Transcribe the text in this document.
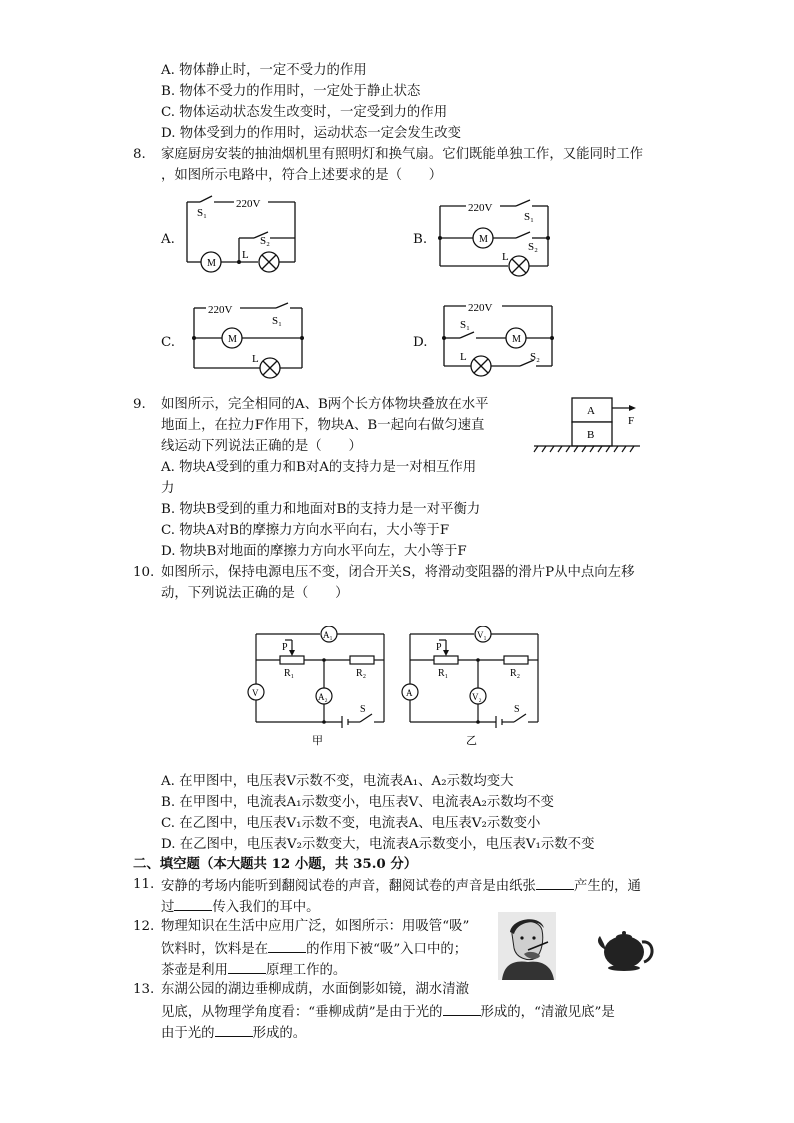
A. 物体静止时，一定不受力的作用
B. 物体不受力的作用时，一定处于静止状态
C. 物体运动状态发生改变时，一定受到力的作用
D. 物体受到力的作用时，运动状态一定会发生改变
8. 家庭厨房安装的抽油烟机里有照明灯和换气扇。它们既能单独工作，又能同时工作
，如图所示电路中，符合上述要求的是（　　）
A.	B.
C.	D.
S₁
220V
M
S₂
L
220V
S₁
M
S₂
L
220V
S₁
M
L
220V
S₁
M
L	S₂
9. 如图所示，完全相同的A、B两个长方体物块叠放在水平
地面上，在拉力F作用下，物块A、B一起向右做匀速直
线运动下列说法正确的是（　　）
A. 物块A受到的重力和B对A的支持力是一对相互作用
力
B. 物块B受到的重力和地面对B的支持力是一对平衡力
C. 物块A对B的摩擦力方向水平向右，大小等于F
D. 物块B对地面的摩擦力方向水平向左，大小等于F
A
B
F
10. 如图所示，保持电源电压不变，闭合开关S，将滑动变阻器的滑片P从中点向左移
动，下列说法正确的是（　　）
P
R₁	R₂
A₁
A₂
V
S
甲
P
R₁	R₂
V₁
V₂
A
S
乙
A. 在甲图中，电压表V示数不变，电流表A₁、A₂示数均变大
B. 在甲图中，电流表A₁示数变小，电压表V、电流表A₂示数均不变
C. 在乙图中，电压表V₁示数不变，电流表A、电压表V₂示数变小
D. 在乙图中，电压表V₂示数变大，电流表A示数变小，电压表V₁示数不变
二、填空题（本大题共 12 小题，共 35.0 分）
11. 安静的考场内能听到翻阅试卷的声音，翻阅试卷的声音是由纸张	产生的，通
过	传入我们的耳中。
12. 物理知识在生活中应用广泛，如图所示：用吸管“吸”
饮料时，饮料是在	的作用下被“吸”入口中的；
茶壶是利用	原理工作的。
13. 东湖公园的湖边垂柳成荫，水面倒影如镜，湖水清澈
见底，从物理学角度看：“垂柳成荫”是由于光的	形成的，“清澈见底”是
由于光的	形成的。
